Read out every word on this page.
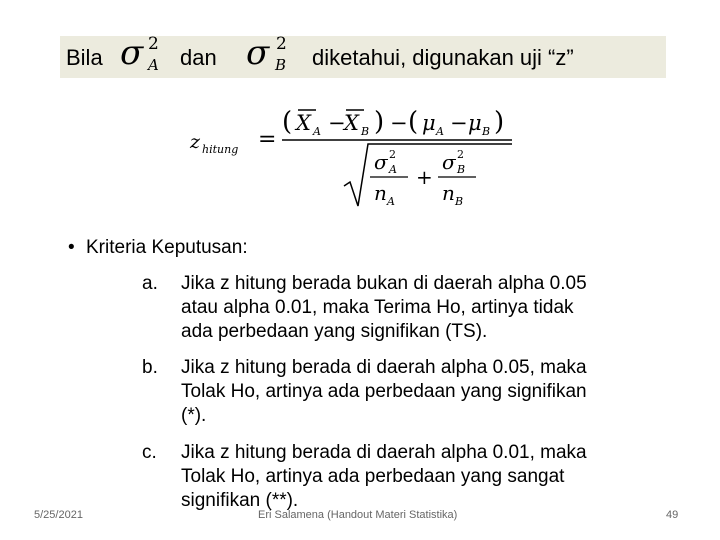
Bila σ 2
A dan σ 2
B diketahui, digunakan uji “z”
z hitung =
( X A −
X B ) − ( μ A − μ B )
σ 2
A
n A
+
σ 2
B
n B
• Kriteria Keputusan:
a. Jika z hitung berada bukan di daerah alpha 0.05
atau alpha 0.01, maka Terima Ho, artinya tidak
ada perbedaan yang signifikan (TS).
b. Jika z hitung berada di daerah alpha 0.05, maka
Tolak Ho, artinya ada perbedaan yang signifikan
(*).
c. Jika z hitung berada di daerah alpha 0.01, maka
Tolak Ho, artinya ada perbedaan yang sangat
signifikan (**).
5/25/2021	Eri Salamena (Handout Materi Statistika)	49
